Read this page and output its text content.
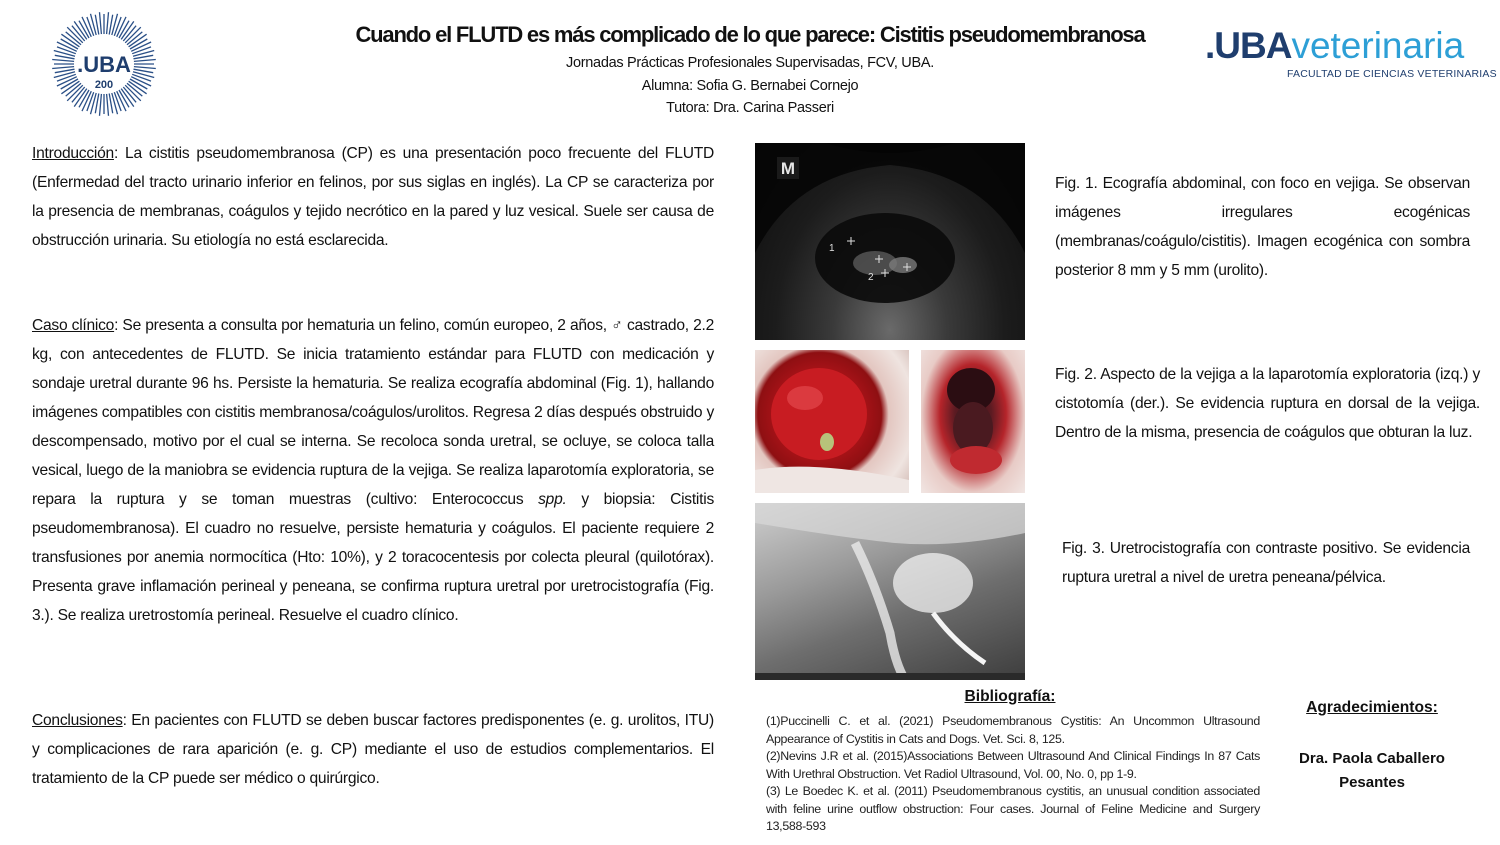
.UBA
200
Cuando el FLUTD es más complicado de lo que parece: Cistitis pseudomembranosa
Jornadas Prácticas Profesionales Supervisadas, FCV, UBA.
Alumna: Sofia G. Bernabei Cornejo
Tutora: Dra. Carina Passeri
.UBAveterinaria
FACULTAD DE CIENCIAS VETERINARIAS
Introducción: La cistitis pseudomembranosa (CP) es una presentación poco frecuente del FLUTD (Enfermedad del tracto urinario inferior en felinos, por sus siglas en inglés). La CP se caracteriza por la presencia de membranas, coágulos y tejido necrótico en la pared y luz vesical. Suele ser causa de obstrucción urinaria. Su etiología no está esclarecida.
Caso clínico: Se presenta a consulta por hematuria un felino, común europeo, 2 años, ♂ castrado, 2.2 kg, con antecedentes de FLUTD. Se inicia tratamiento estándar para FLUTD con medicación y sondaje uretral durante 96 hs. Persiste la hematuria. Se realiza ecografía abdominal (Fig. 1), hallando imágenes compatibles con cistitis membranosa/coágulos/urolitos. Regresa 2 días después obstruido y descompensado, motivo por el cual se interna. Se recoloca sonda uretral, se ocluye, se coloca talla vesical, luego de la maniobra se evidencia ruptura de la vejiga. Se realiza laparotomía exploratoria, se repara la ruptura y se toman muestras (cultivo: Enterococcus spp. y biopsia: Cistitis pseudomembranosa). El cuadro no resuelve, persiste hematuria y coágulos. El paciente requiere 2 transfusiones por anemia normocítica (Hto: 10%), y 2 toracocentesis por colecta pleural (quilotórax). Presenta grave inflamación perineal y peneana, se confirma ruptura uretral por uretrocistografía (Fig. 3.). Se realiza uretrostomía perineal. Resuelve el cuadro clínico.
Conclusiones: En pacientes con FLUTD se deben buscar factores predisponentes (e. g. urolitos, ITU) y complicaciones de rara aparición (e. g. CP) mediante el uso de estudios complementarios. El tratamiento de la CP puede ser médico o quirúrgico.
M
1
2
Fig. 1. Ecografía abdominal, con foco en vejiga. Se observan imágenes irregulares ecogénicas (membranas/coágulo/cistitis). Imagen ecogénica con sombra posterior 8 mm y 5 mm (urolito).
Fig. 2. Aspecto de la vejiga a la laparotomía exploratoria (izq.) y cistotomía (der.). Se evidencia ruptura en dorsal de la vejiga. Dentro de la misma, presencia de coágulos que obturan la luz.
Fig. 3. Uretrocistografía con contraste positivo. Se evidencia ruptura uretral a nivel de uretra peneana/pélvica.
Bibliografía:
(1)Puccinelli C. et al. (2021) Pseudomembranous Cystitis: An Uncommon Ultrasound Appearance of Cystitis in Cats and Dogs. Vet. Sci. 8, 125.
(2)Nevins J.R et al. (2015)Associations Between Ultrasound And Clinical Findings In 87 Cats With Urethral Obstruction. Vet Radiol Ultrasound, Vol. 00, No. 0, pp 1-9.
(3) Le Boedec K. et al. (2011) Pseudomembranous cystitis, an unusual condition associated with feline urine outflow obstruction: Four cases. Journal of Feline Medicine and Surgery 13,588-593
Agradecimientos:
Dra. Paola Caballero
Pesantes
